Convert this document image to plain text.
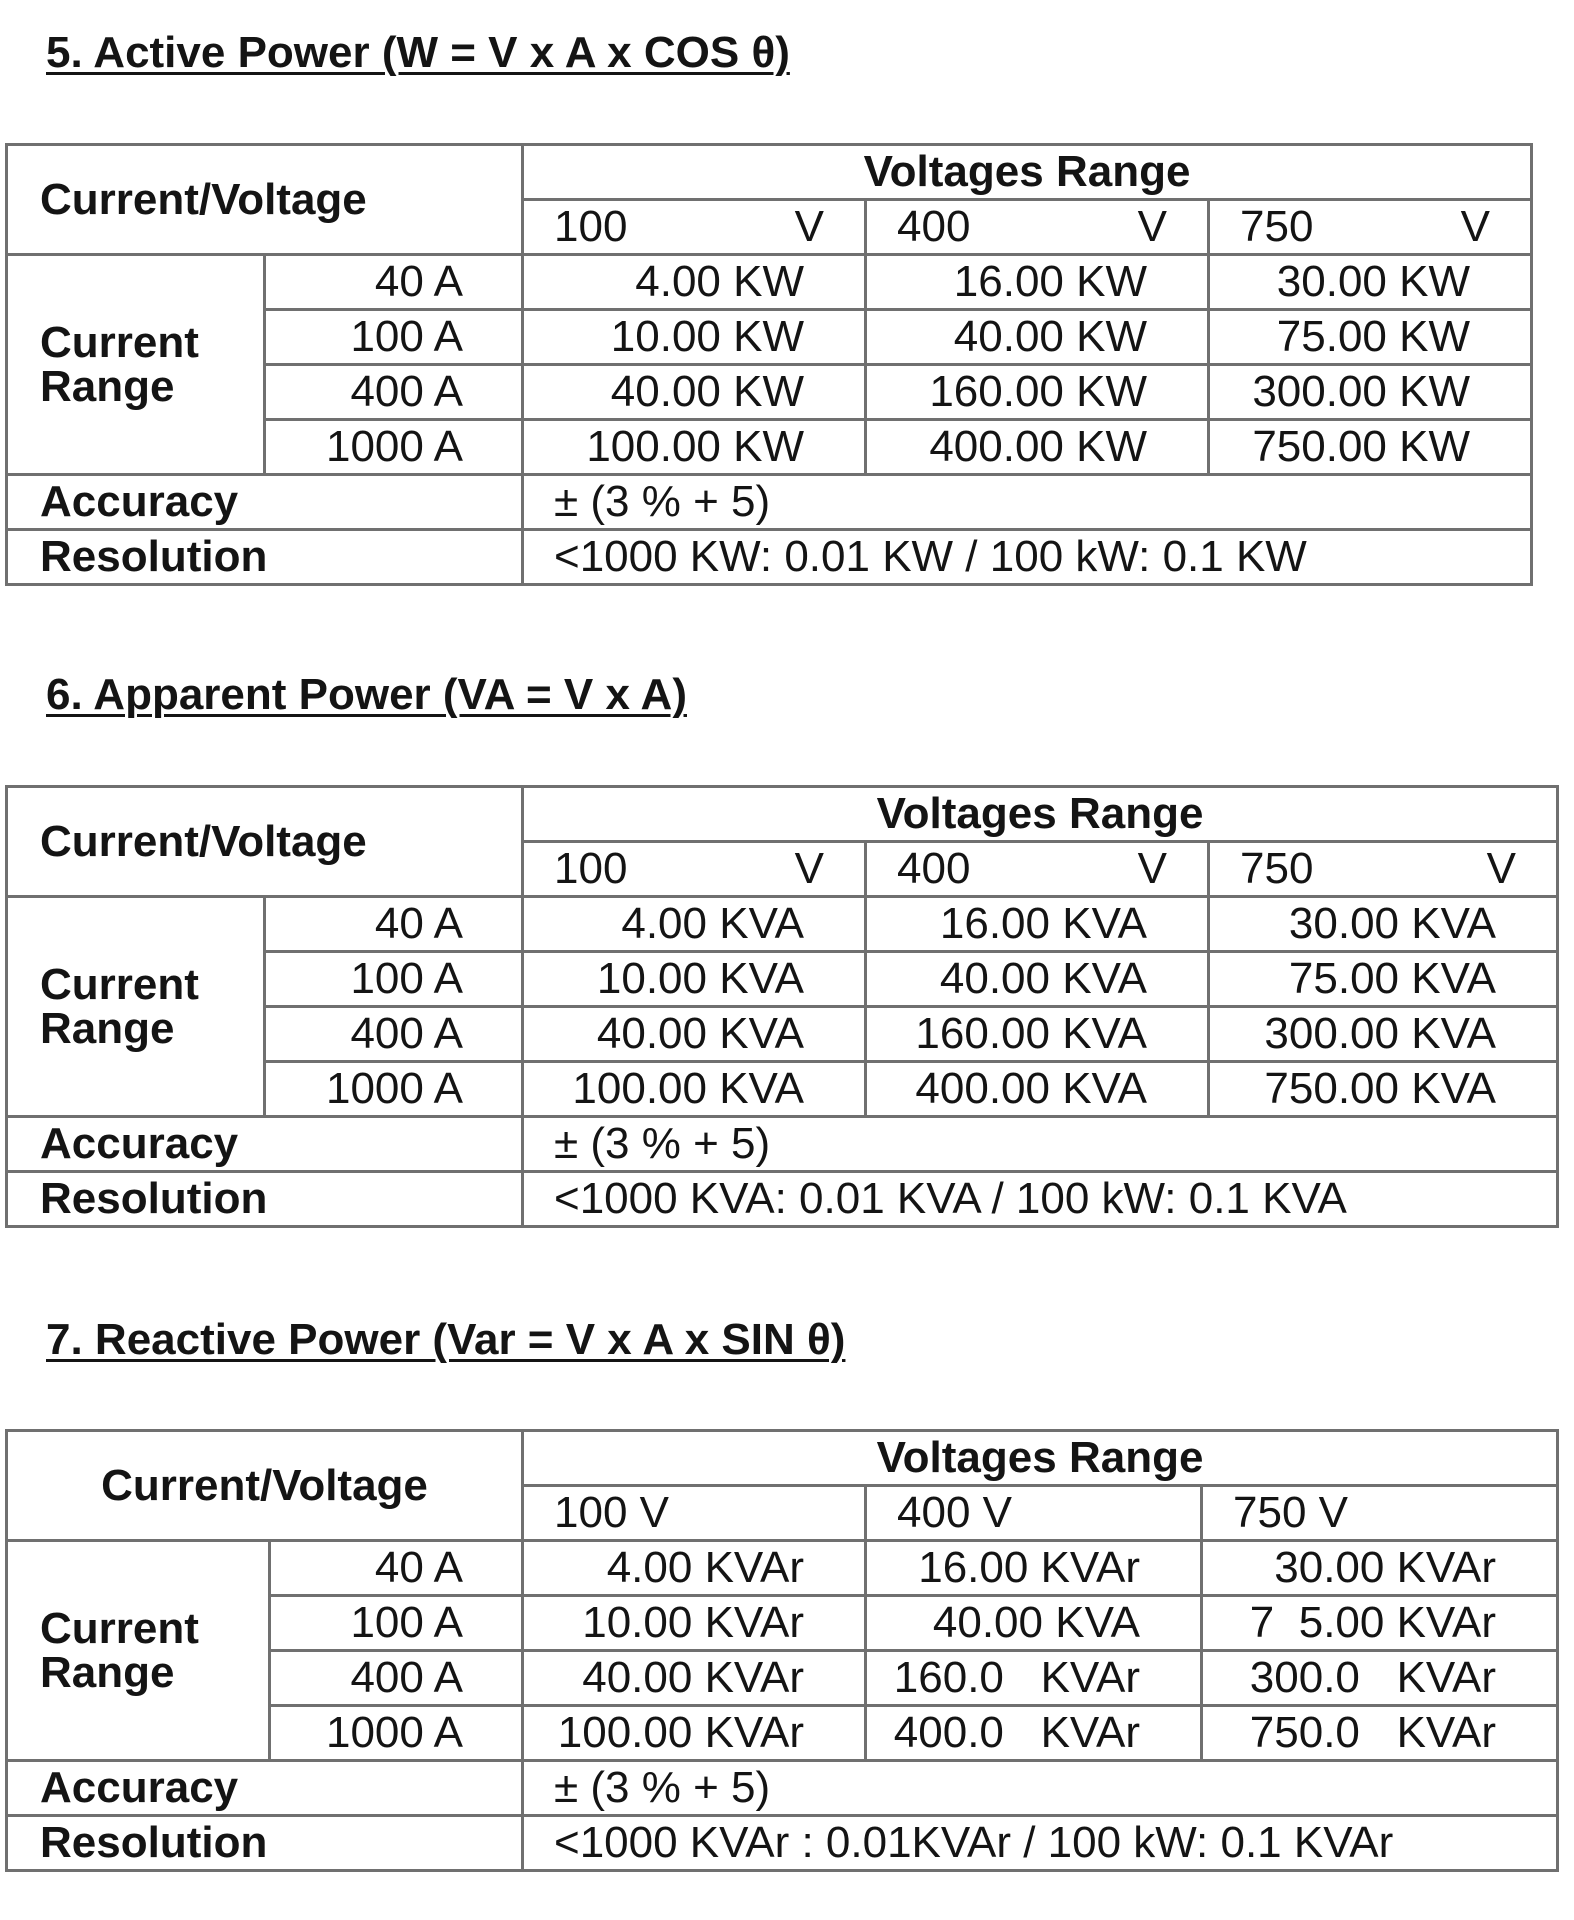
5. Active Power (W = V x A x COS θ)
Current/Voltage		Voltages Range		

		100 V	400 V	750 V

Current
Range	40 A	4.00 KW	16.00 KW	30.00 KW
	100 A	10.00 KW	40.00 KW	75.00 KW
	400 A	40.00 KW	160.00 KW	300.00 KW
	1000 A	100.00 KW	400.00 KW	750.00 KW
Accuracy		± (3 % + 5)		
Resolution		<1000 KW: 0.01 KW / 100 kW: 0.1 KW		
6. Apparent Power (VA = V x A)
Current/Voltage		Voltages Range		

		100 V	400 V	750 V

Current
Range	40 A	4.00 KVA	16.00 KVA	30.00 KVA
	100 A	10.00 KVA	40.00 KVA	75.00 KVA
	400 A	40.00 KVA	160.00 KVA	300.00 KVA
	1000 A	100.00 KVA	400.00 KVA	750.00 KVA
Accuracy		± (3 % + 5)		
Resolution		<1000 KVA: 0.01 KVA / 100 kW: 0.1 KVA		
7. Reactive Power (Var = V x A x SIN θ)
Current/Voltage		Voltages Range		
		100 V	400 V	750 V
Current
Range	40 A	4.00 KVAr	16.00 KVAr	30.00 KVAr
	100 A	10.00 KVAr	40.00 KVA	7  5.00 KVAr
	400 A	40.00 KVAr	160.0   KVAr	300.0   KVAr
	1000 A	100.00 KVAr	400.0   KVAr	750.0   KVAr
Accuracy		± (3 % + 5)		
Resolution		<1000 KVAr : 0.01KVAr / 100 kW: 0.1 KVAr		
